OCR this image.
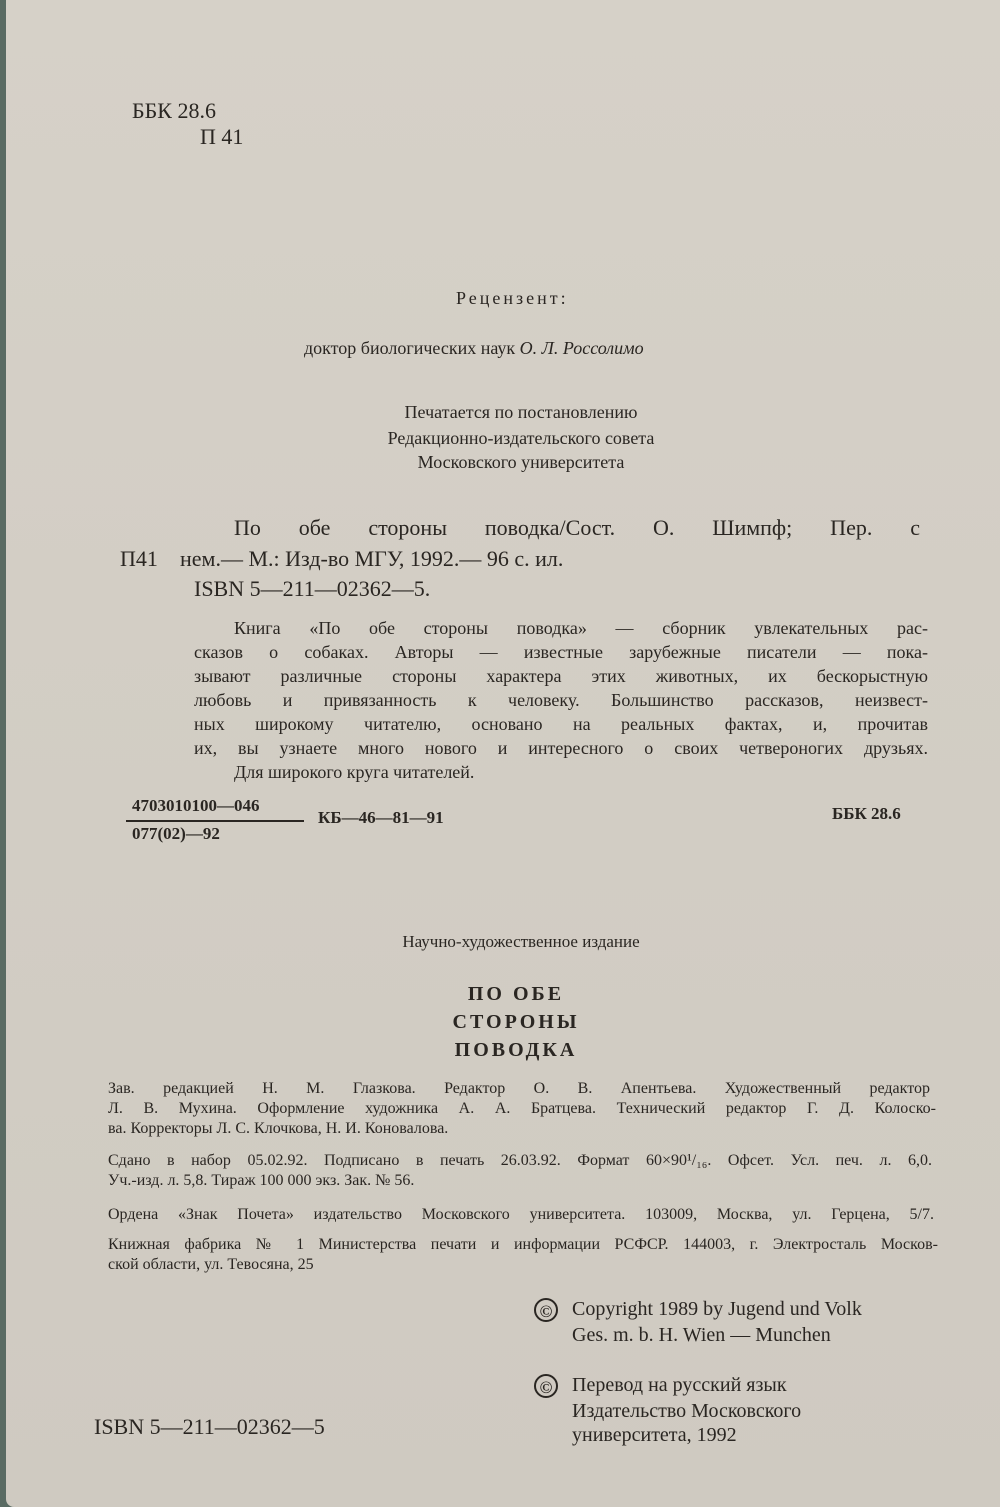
ББК 28.6
П 41
Рецензент:
доктор биологических наук О. Л. Россолимо
Печатается по постановлению
Редакционно-издательского совета
Московского университета
По обе стороны поводка/Сост. О. Шимпф; Пер. с
П41 нем.— М.: Изд-во МГУ, 1992.— 96 с. ил.
ISBN 5—211—02362—5.
Книга «По обе стороны поводка» — сборник увлекательных рас-
сказов о собаках. Авторы — известные зарубежные писатели — пока-
зывают различные стороны характера этих животных, их бескорыстную
любовь и привязанность к человеку. Большинство рассказов, неизвест-
ных широкому читателю, основано на реальных фактах, и, прочитав
их, вы узнаете много нового и интересного о своих четвероногих друзьях.
Для широкого круга читателей.
4703010100—046
077(02)—92
КБ—46—81—91	ББК 28.6
Научно-художественное издание
ПО ОБЕ
СТОРОНЫ
ПОВОДКА
Зав. редакцией Н. М. Глазкова. Редактор О. В. Апентьева. Художественный редактор
Л. В. Мухина. Оформление художника А. А. Братцева. Технический редактор Г. Д. Колоско-
ва. Корректоры Л. С. Клочкова, Н. И. Коновалова.
Сдано в набор 05.02.92. Подписано в печать 26.03.92. Формат 60×90¹/₁₆. Офсет. Усл. печ. л. 6,0.
Уч.-изд. л. 5,8. Тираж 100 000 экз. Зак. № 56.
Ордена «Знак Почета» издательство Московского университета. 103009, Москва, ул. Герцена, 5/7.
Книжная фабрика № 1 Министерства печати и информации РСФСР. 144003, г. Электросталь Москов-
ской области, ул. Тевосяна, 25
© Copyright 1989 by Jugend und Volk
Ges. m. b. H. Wien — Munchen
© Перевод на русский язык
Издательство Московского
университета, 1992
ISBN 5—211—02362—5
